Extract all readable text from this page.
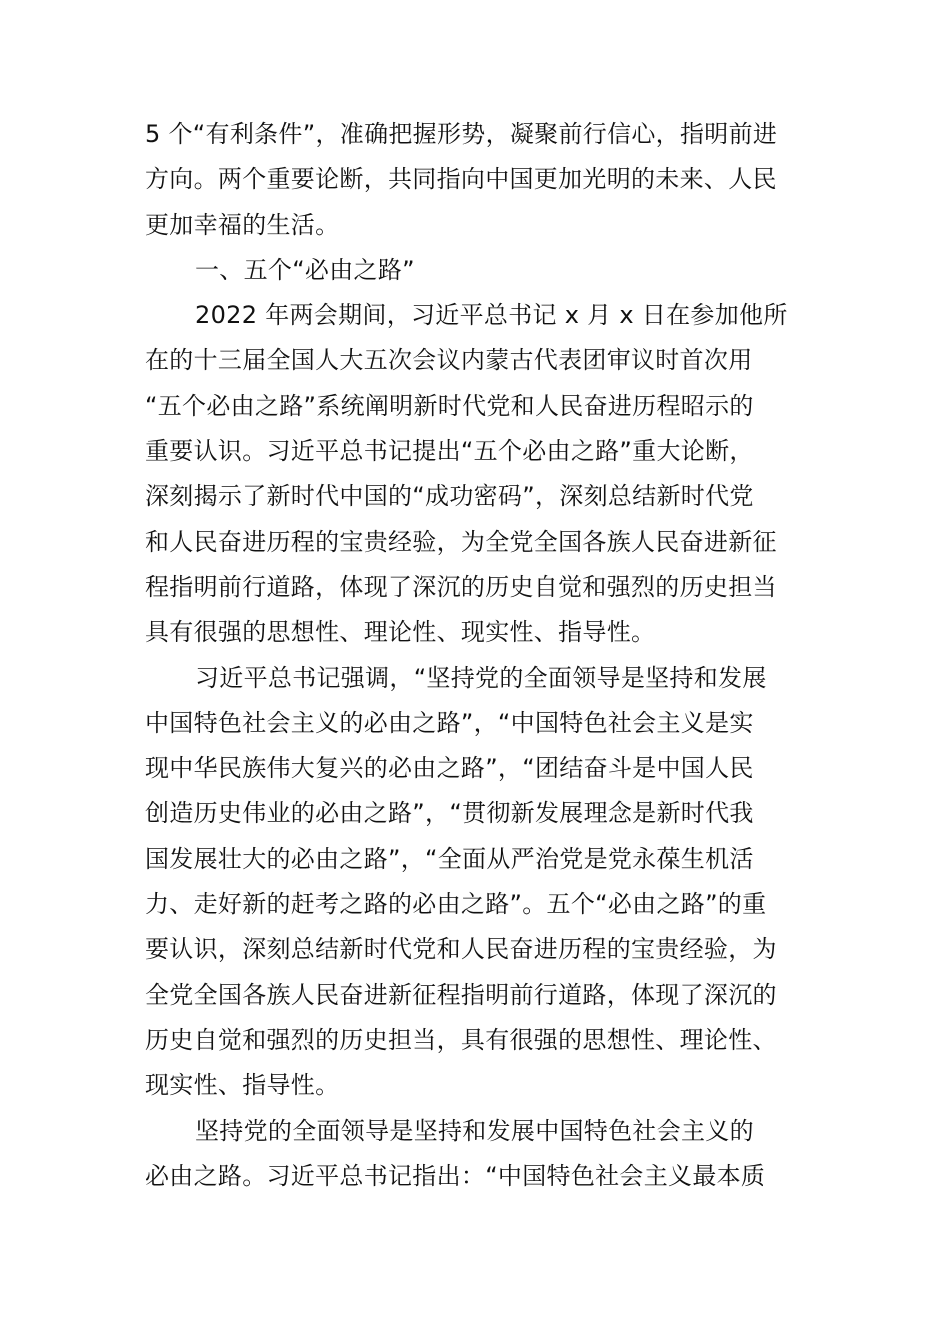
5 个“有利条件”，准确把握形势，凝聚前行信心，指明前进
方向。两个重要论断，共同指向中国更加光明的未来、人民
更加幸福的生活。
一、五个“必由之路”
2022 年两会期间，习近平总书记 x 月 x 日在参加他所
在的十三届全国人大五次会议内蒙古代表团审议时首次用
“五个必由之路”系统阐明新时代党和人民奋进历程昭示的
重要认识。习近平总书记提出“五个必由之路”重大论断，
深刻揭示了新时代中国的“成功密码”，深刻总结新时代党
和人民奋进历程的宝贵经验，为全党全国各族人民奋进新征
程指明前行道路，体现了深沉的历史自觉和强烈的历史担当
具有很强的思想性、理论性、现实性、指导性。
习近平总书记强调，“坚持党的全面领导是坚持和发展
中国特色社会主义的必由之路”，“中国特色社会主义是实
现中华民族伟大复兴的必由之路”，“团结奋斗是中国人民
创造历史伟业的必由之路”，“贯彻新发展理念是新时代我
国发展壮大的必由之路”，“全面从严治党是党永葆生机活
力、走好新的赶考之路的必由之路”。五个“必由之路”的重
要认识，深刻总结新时代党和人民奋进历程的宝贵经验，为
全党全国各族人民奋进新征程指明前行道路，体现了深沉的
历史自觉和强烈的历史担当，具有很强的思想性、理论性、
现实性、指导性。
坚持党的全面领导是坚持和发展中国特色社会主义的
必由之路。习近平总书记指出：“中国特色社会主义最本质
